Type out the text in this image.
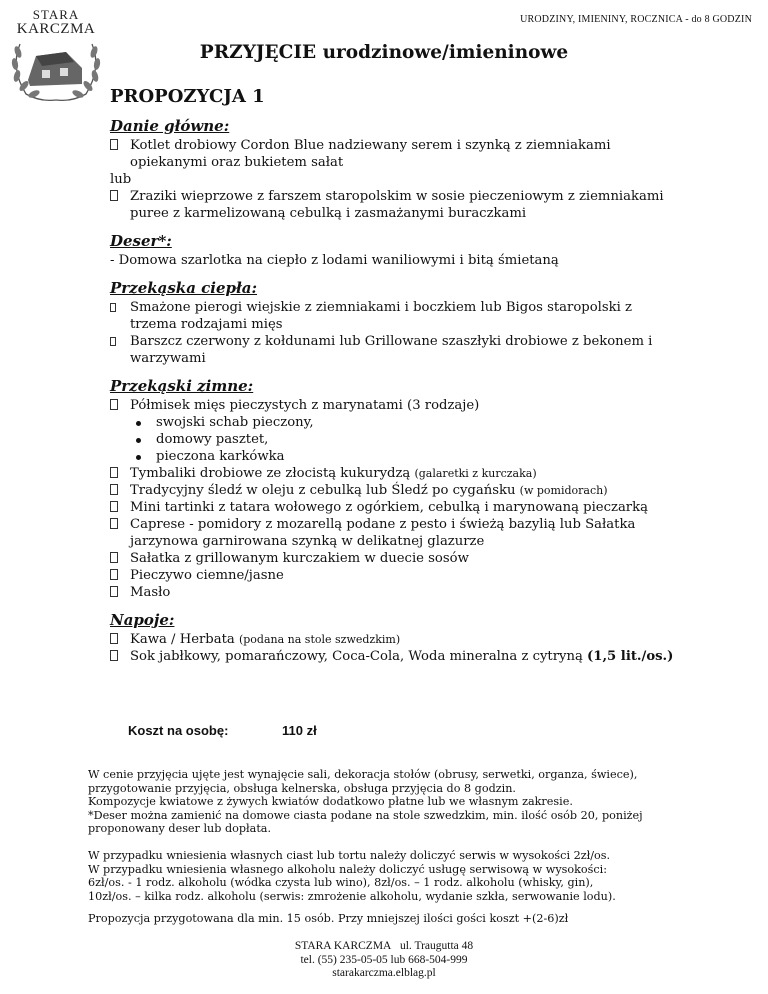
STARA
KARCZMA
URODZINY, IMIENINY, ROCZNICA - do 8 GODZIN
PRZYJĘCIE urodzinowe/imieninowe
PROPOZYCJA 1
Danie główne:
Kotlet drobiowy Cordon Blue nadziewany serem i szynką z ziemniakami
opiekanymi oraz bukietem sałat
lub
Zraziki wieprzowe z farszem staropolskim w sosie pieczeniowym z ziemniakami
puree z karmelizowaną cebulką i zasmażanymi buraczkami
Deser*:
- Domowa szarlotka na ciepło z lodami waniliowymi i bitą śmietaną
Przekąska ciepła:
Smażone pierogi wiejskie z ziemniakami i boczkiem lub Bigos staropolski z
trzema rodzajami mięs
Barszcz czerwony z kołdunami lub Grillowane szaszłyki drobiowe z bekonem i
warzywami
Przekąski zimne:
Półmisek mięs pieczystych z marynatami (3 rodzaje)
swojski schab pieczony,
domowy pasztet,
pieczona karkówka
Tymbaliki drobiowe ze złocistą kukurydzą (galaretki z kurczaka)
Tradycyjny śledź w oleju z cebulką lub Śledź po cygańsku (w pomidorach)
Mini tartinki z tatara wołowego z ogórkiem, cebulką i marynowaną pieczarką
Caprese - pomidory z mozarellą podane z pesto i świeżą bazylią lub Sałatka
jarzynowa garnirowana szynką w delikatnej glazurze
Sałatka z grillowanym kurczakiem w duecie sosów
Pieczywo ciemne/jasne
Masło
Napoje:
Kawa / Herbata (podana na stole szwedzkim)
Sok jabłkowy, pomarańczowy, Coca-Cola, Woda mineralna z cytryną (1,5 lit./os.)
Koszt na osobę:	110 zł
W cenie przyjęcia ujęte jest wynajęcie sali, dekoracja stołów (obrusy, serwetki, organza, świece),
przygotowanie przyjęcia, obsługa kelnerska, obsługa przyjęcia do 8 godzin.
Kompozycje kwiatowe z żywych kwiatów dodatkowo płatne lub we własnym zakresie.
*Deser można zamienić na domowe ciasta podane na stole szwedzkim, min. ilość osób 20, poniżej
proponowany deser lub dopłata.
W przypadku wniesienia własnych ciast lub tortu należy doliczyć serwis w wysokości 2zł/os.
W przypadku wniesienia własnego alkoholu należy doliczyć usługę serwisową w wysokości:
6zł/os. - 1 rodz. alkoholu (wódka czysta lub wino), 8zł/os. – 1 rodz. alkoholu (whisky, gin),
10zł/os. – kilka rodz. alkoholu (serwis: zmrożenie alkoholu, wydanie szkła, serwowanie lodu).
Propozycja przygotowana dla min. 15 osób. Przy mniejszej ilości gości koszt +(2-6)zł
STARA KARCZMA ul. Traugutta 48
tel. (55) 235-05-05 lub 668-504-999
starakarczma.elblag.pl
